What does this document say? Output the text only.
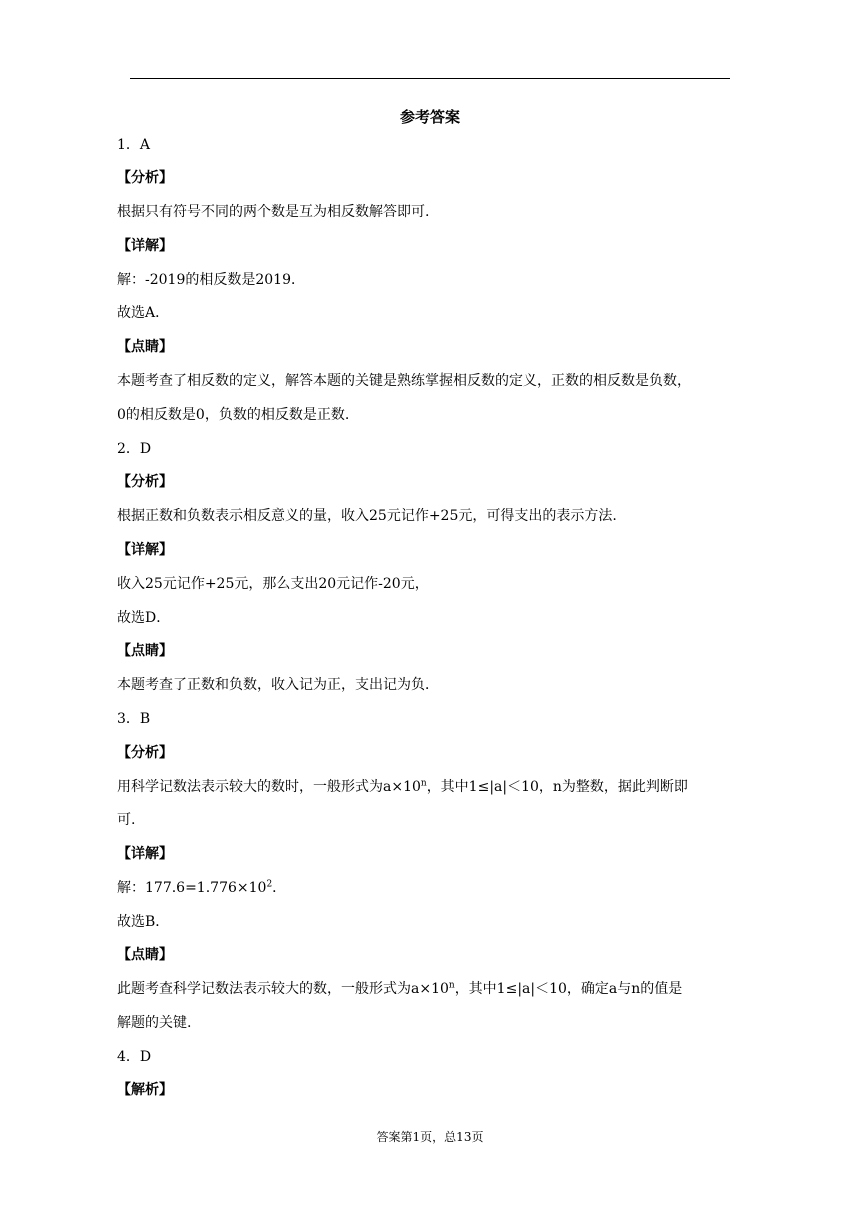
参考答案
1．A
【分析】
根据只有符号不同的两个数是互为相反数解答即可.
【详解】
解：-2019的相反数是2019．
故选A．
【点睛】
本题考查了相反数的定义，解答本题的关键是熟练掌握相反数的定义，正数的相反数是负数，
0的相反数是0，负数的相反数是正数.
2．D
【分析】
根据正数和负数表示相反意义的量，收入25元记作+25元，可得支出的表示方法.
【详解】
收入25元记作+25元，那么支出20元记作-20元，
故选D．
【点睛】
本题考查了正数和负数，收入记为正，支出记为负．
3．B
【分析】
用科学记数法表示较大的数时，一般形式为$a\times 10^n$，其中1≤|a|＜10，n为整数，据此判断即
可.
【详解】
解：$177.6=1.776\times 10^2$．
故选B．
【点睛】
此题考查科学记数法表示较大的数，一般形式为$a\times 10^n$，其中1≤|a|＜10，确定a与n的值是
解题的关键.
4．D
【解析】
答案第1页，总13页
